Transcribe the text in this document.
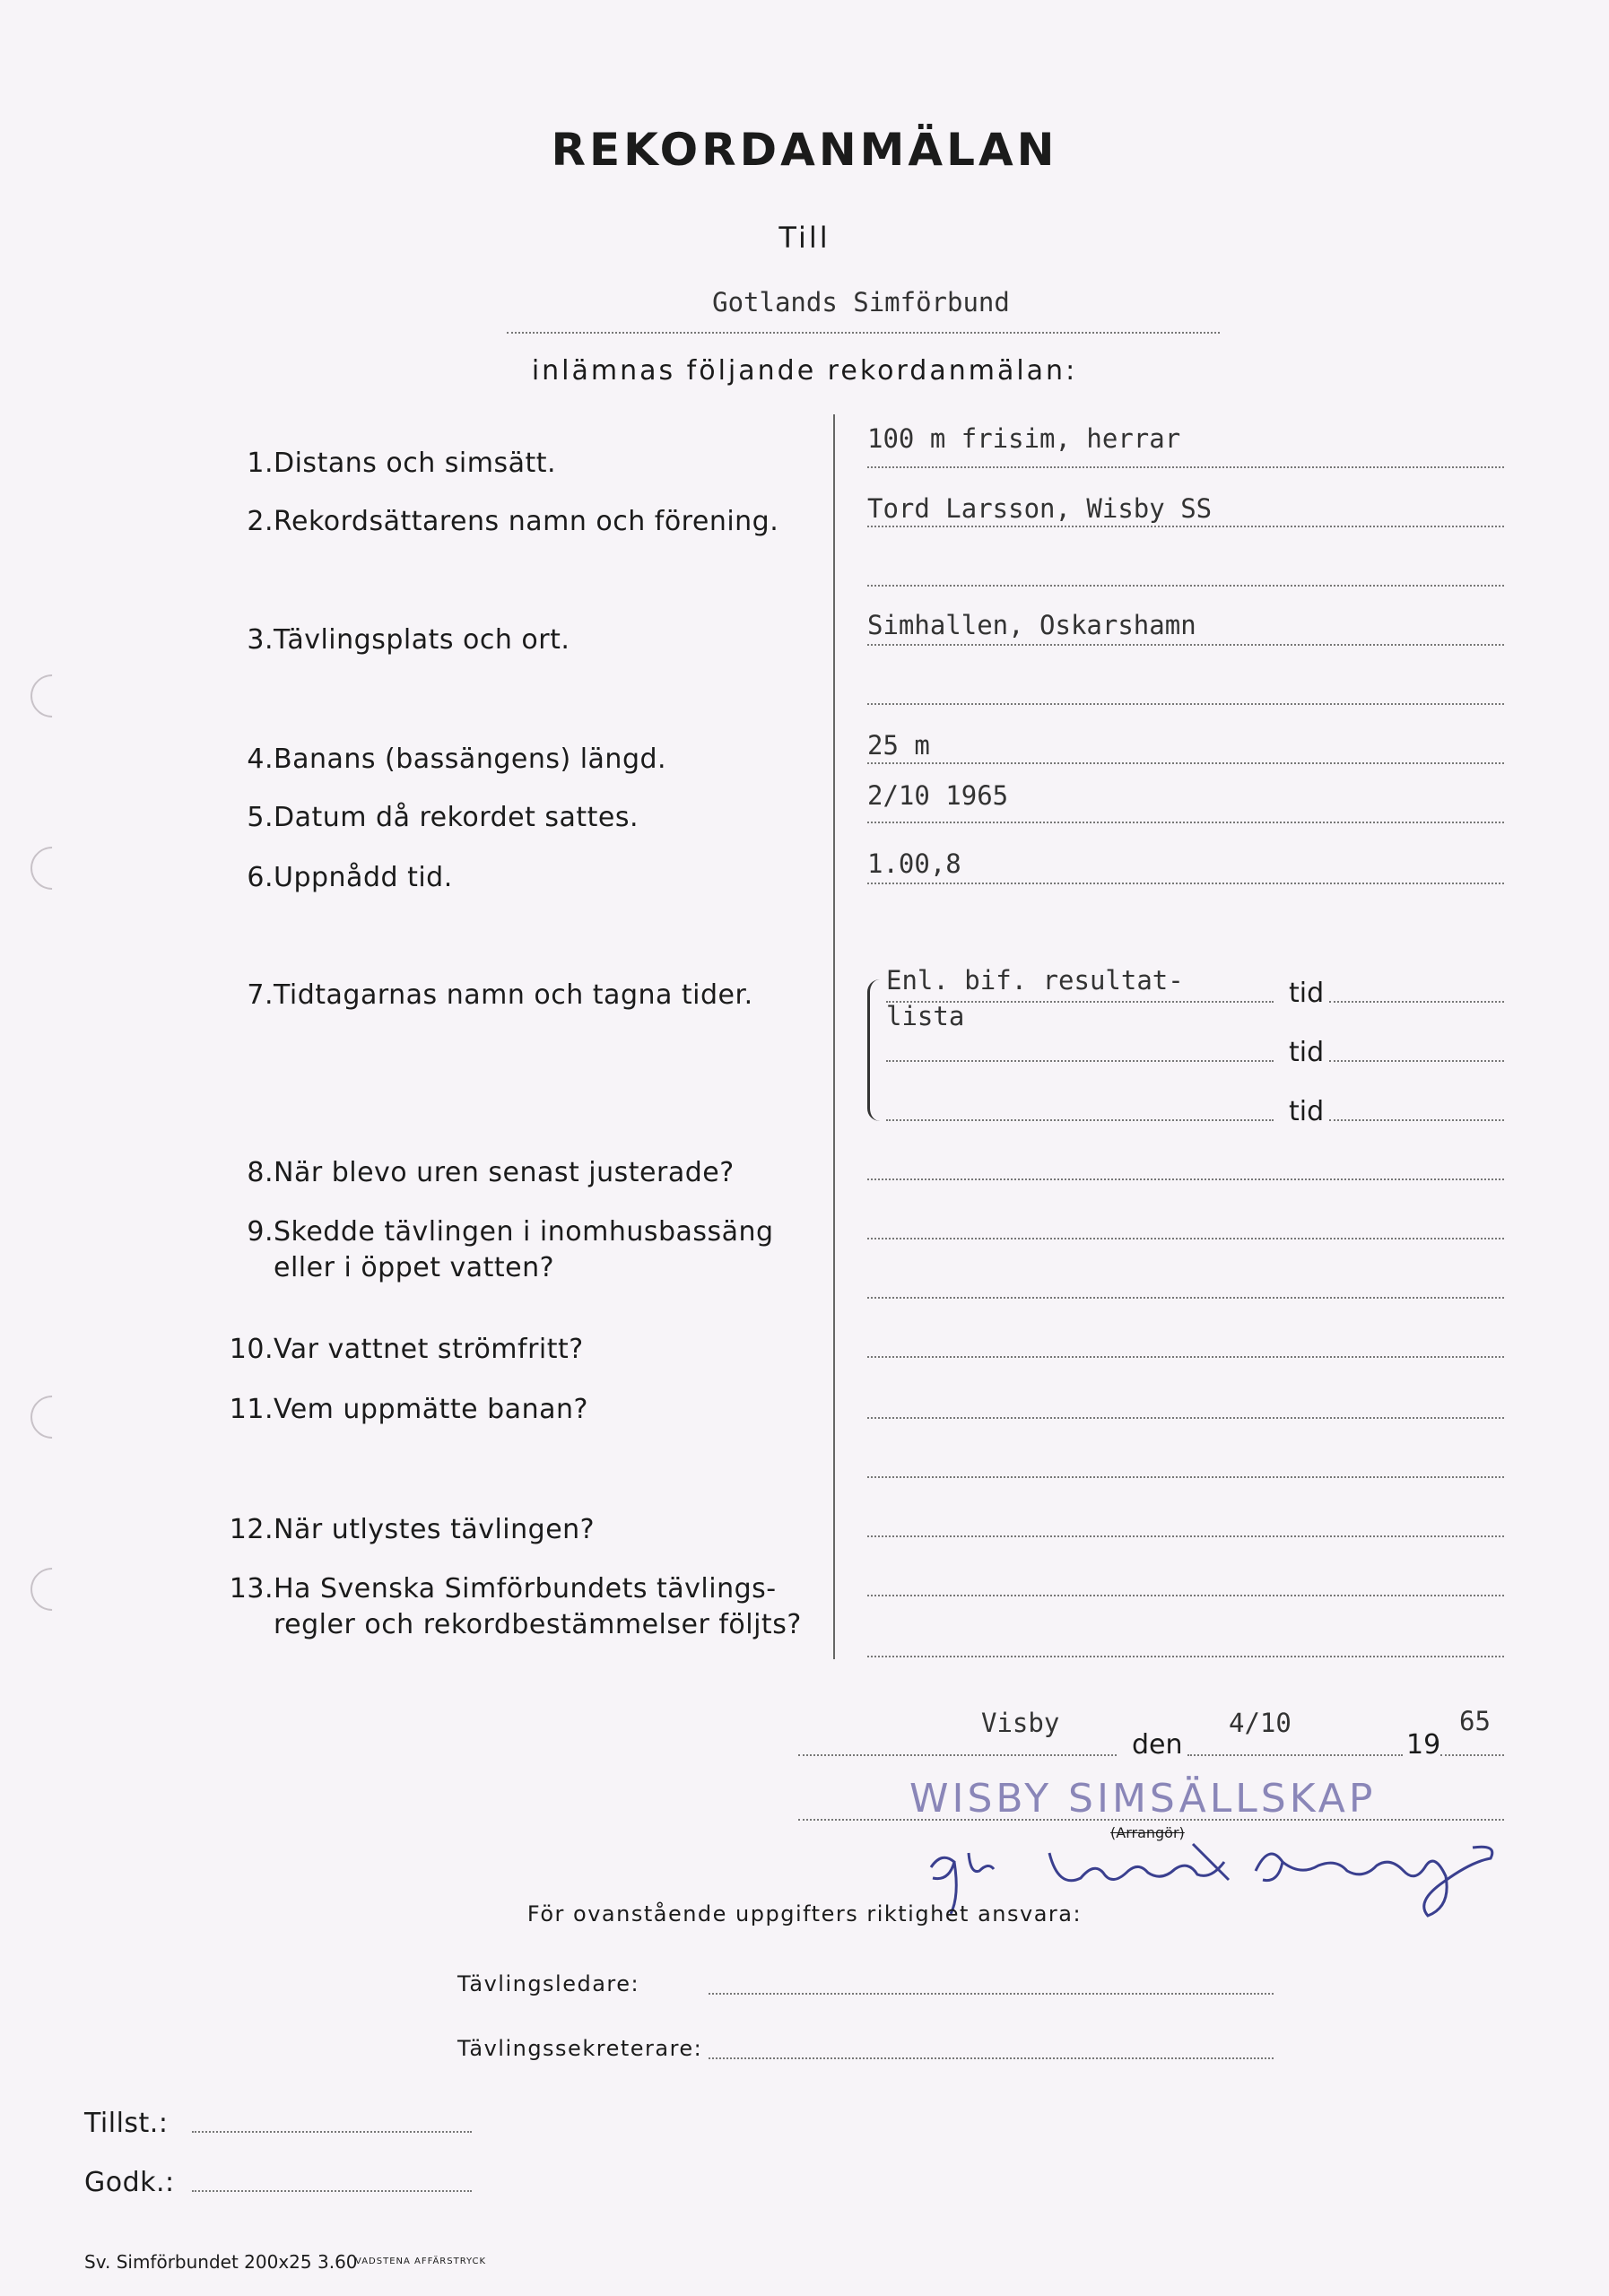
REKORDANMÄLAN
Till
Gotlands Simförbund
inlämnas följande rekordanmälan:
1. Distans och simsätt.
2. Rekordsättarens namn och förening.
3. Tävlingsplats och ort.
4. Banans (bassängens) längd.
5. Datum då rekordet sattes.
6. Uppnådd tid.
7. Tidtagarnas namn och tagna tider.
8. När blevo uren senast justerade?
9. Skedde tävlingen i inomhusbassäng
eller i öppet vatten?
10. Var vattnet strömfritt?
11. Vem uppmätte banan?
12. När utlystes tävlingen?
13. Ha Svenska Simförbundets tävlings-
regler och rekordbestämmelser följts?
100 m frisim, herrar
Tord Larsson, Wisby SS
Simhallen, Oskarshamn
25 m
2/10 1965
1.00,8
Enl. bif. resultat-
lista
tid
tid
tid
Visby
den
4/10
19
65
WISBY SIMSÄLLSKAP
(Arrangör)
För ovanstående uppgifters riktighet ansvara:
Tävlingsledare:
Tävlingssekreterare:
Tillst.:
Godk.:
Sv. Simförbundet 200x25 3.60
VADSTENA AFFÄRSTRYCK
